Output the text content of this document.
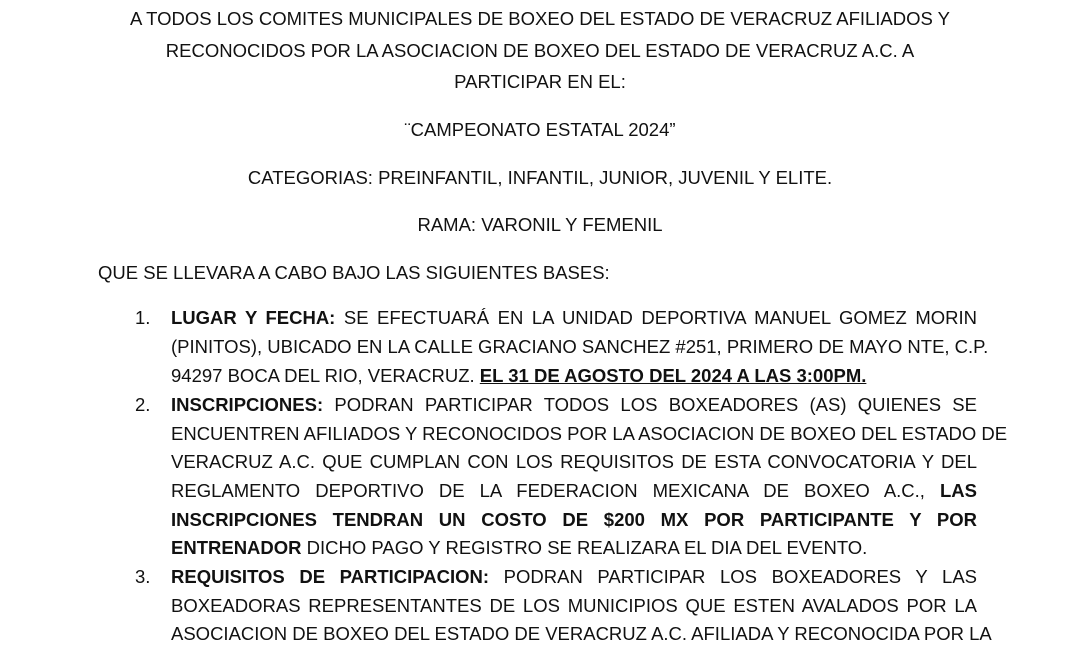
A TODOS LOS COMITES MUNICIPALES DE BOXEO DEL ESTADO DE VERACRUZ AFILIADOS Y
RECONOCIDOS POR LA ASOCIACION DE BOXEO DEL ESTADO DE VERACRUZ A.C. A
PARTICIPAR EN EL:
¨CAMPEONATO ESTATAL 2024”
CATEGORIAS: PREINFANTIL, INFANTIL, JUNIOR, JUVENIL Y ELITE.
RAMA: VARONIL Y FEMENIL
QUE SE LLEVARA A CABO BAJO LAS SIGUIENTES BASES:
1. LUGAR Y FECHA: SE EFECTUARÁ EN LA UNIDAD DEPORTIVA MANUEL GOMEZ MORIN
(PINITOS), UBICADO EN LA CALLE GRACIANO SANCHEZ #251, PRIMERO DE MAYO NTE, C.P.
94297 BOCA DEL RIO, VERACRUZ. EL 31 DE AGOSTO DEL 2024 A LAS 3:00PM.
2. INSCRIPCIONES: PODRAN PARTICIPAR TODOS LOS BOXEADORES (AS) QUIENES SE
ENCUENTREN AFILIADOS Y RECONOCIDOS POR LA ASOCIACION DE BOXEO DEL ESTADO DE
VERACRUZ A.C. QUE CUMPLAN CON LOS REQUISITOS DE ESTA CONVOCATORIA Y DEL
REGLAMENTO DEPORTIVO DE LA FEDERACION MEXICANA DE BOXEO A.C., LAS
INSCRIPCIONES TENDRAN UN COSTO DE $200 MX POR PARTICIPANTE Y POR
ENTRENADOR DICHO PAGO Y REGISTRO SE REALIZARA EL DIA DEL EVENTO.
3. REQUISITOS DE PARTICIPACION: PODRAN PARTICIPAR LOS BOXEADORES Y LAS
BOXEADORAS REPRESENTANTES DE LOS MUNICIPIOS QUE ESTEN AVALADOS POR LA
ASOCIACION DE BOXEO DEL ESTADO DE VERACRUZ A.C. AFILIADA Y RECONOCIDA POR LA
